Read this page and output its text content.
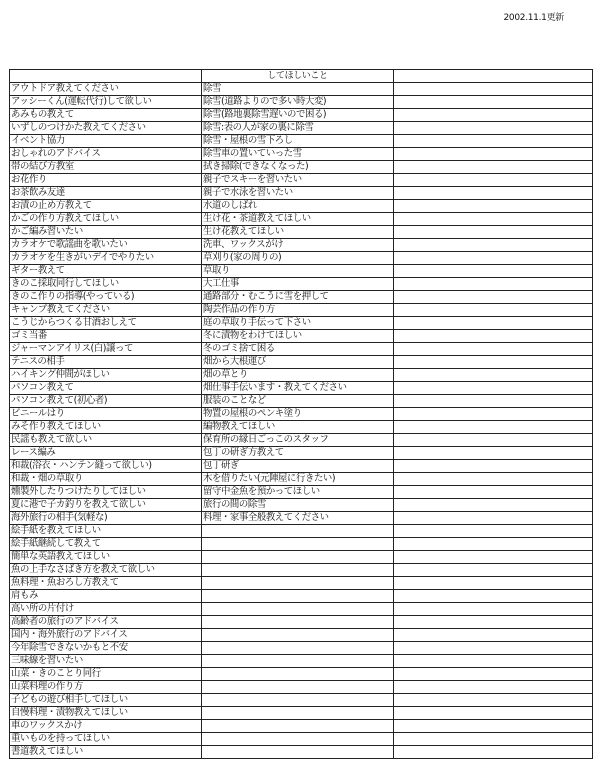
2002.11.1更新
	してほしいこと	
アウトドア教えてください	除雪	
アッシーくん(運転代行)して欲しい	除雪(道路よりので多い時大変)	
あみもの教えて	除雪(路地裏除雪遅いので困る)	
いずしのつけかた教えてください	除雪:表の人が家の裏に除雪	
イベント協力	除雪・屋根の雪下ろし	
おしゃれのアドバイス	除雪車の置いていった雪	
帯の結び方教室	拭き掃除(できなくなった)	
お花作り	親子でスキーを習いたい	
お茶飲み友達	親子で水泳を習いたい	
お漬の止め方教えて	水道のしばれ	
かごの作り方教えてほしい	生け花・茶道教えてほしい	
かご編み習いたい	生け花教えてほしい	
カラオケで歌謡曲を歌いたい	洗車、ワックスがけ	
カラオケを生きがいデイでやりたい	草刈り(家の周りの)	
ギター教えて	草取り	
きのこ採取同行してほしい	大工仕事	
きのこ作りの指導(やっている)	通路部分・むこうに雪を押して	
キャンプ教えてください	陶芸作品の作り方	
こうじからつくる甘酒おしえて	庭の草取り手伝って下さい	
ゴミ当番	冬に漬物をわけてほしい	
ジャーマンアイリス(白)譲って	冬のゴミ捨て困る	
テニスの相手	畑から大根運び	
ハイキング仲間がほしい	畑の草とり	
パソコン教えて	畑仕事手伝います・教えてください	
パソコン教えて(初心者)	服装のことなど	
ビニールはり	物置の屋根のペンキ塗り	
みそ作り教えてほしい	編物教えてほしい	
民謡も教えて欲しい	保育所の縁日ごっこのスタッフ	
レース編み	包丁の研ぎ方教えて	
和裁(浴衣・ハンテン縫って欲しい)	包丁研ぎ	
和裁・畑の草取り	木を借りたい(元陣屋に行きたい)	
燻製外したりつけたりしてほしい	留守中金魚を預かってほしい	
夏に港で子カ釣りを教えて欲しい	旅行の間の除雪	
海外旅行の相手(気軽な)	料理・家事全般教えてください	
絵手紙を教えてほしい		
絵手紙継続して教えて		
簡単な英語教えてほしい		
魚の上手なさばき方を教えて欲しい		
魚料理・魚おろし方教えて		
肩もみ		
高い所の片付け		
高齢者の旅行のアドバイス		
国内・海外旅行のアドバイス		
今年除雪できないかもと不安		
三味線を習いたい		
山菜・きのことり同行		
山菜料理の作り方		
子どもの遊び相手してほしい		
自慢料理・漬物教えてほしい		
車のワックスかけ		
重いものを持ってほしい		
書道教えてほしい		
